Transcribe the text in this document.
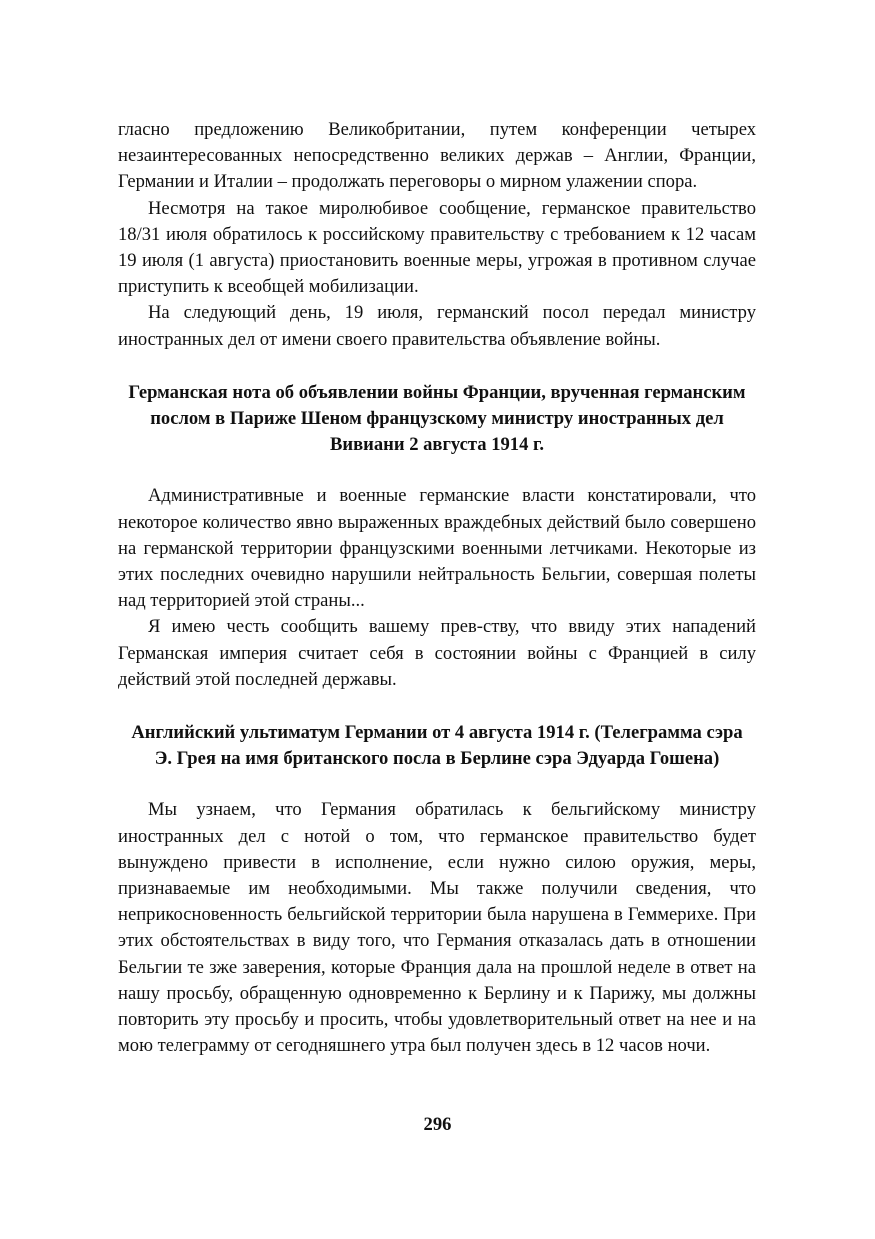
гласно предложению Великобритании, путем конференции четырех незаинтересованных непосредственно великих держав – Англии, Франции, Германии и Италии – продолжать переговоры о мирном улажении спора.

Несмотря на такое миролюбивое сообщение, германское правительство 18/31 июля обратилось к российскому правительству с требованием к 12 часам 19 июля (1 августа) приостановить военные меры, угрожая в противном случае приступить к всеобщей мобилизации.

На следующий день, 19 июля, германский посол передал министру иностранных дел от имени своего правительства объявление войны.

Германская нота об объявлении войны Франции, врученная германским послом в Париже Шеном французскому министру иностранных дел Вивиани 2 августа 1914 г.

Административные и военные германские власти констатировали, что некоторое количество явно выраженных враждебных действий было совершено на германской территории французскими военными летчиками. Некоторые из этих последних очевидно нарушили нейтральность Бельгии, совершая полеты над территорией этой страны...

Я имею честь сообщить вашему прев-ству, что ввиду этих нападений Германская империя считает себя в состоянии войны с Францией в силу действий этой последней державы.

Английский ультиматум Германии от 4 августа 1914 г. (Телеграмма сэра Э. Грея на имя британского посла в Берлине сэра Эдуарда Гошена)

Мы узнаем, что Германия обратилась к бельгийскому министру иностранных дел с нотой о том, что германское правительство будет вынуждено привести в исполнение, если нужно силою оружия, меры, признаваемые им необходимыми. Мы также получили сведения, что неприкосновенность бельгийской территории была нарушена в Геммерихе. При этих обстоятельствах в виду того, что Германия отказалась дать в отношении Бельгии те зже заверения, которые Франция дала на прошлой неделе в ответ на нашу просьбу, обращенную одновременно к Берлину и к Парижу, мы должны повторить эту просьбу и просить, чтобы удовлетворительный ответ на нее и на мою телеграмму от сегодняшнего утра был получен здесь в 12 часов ночи.

296
